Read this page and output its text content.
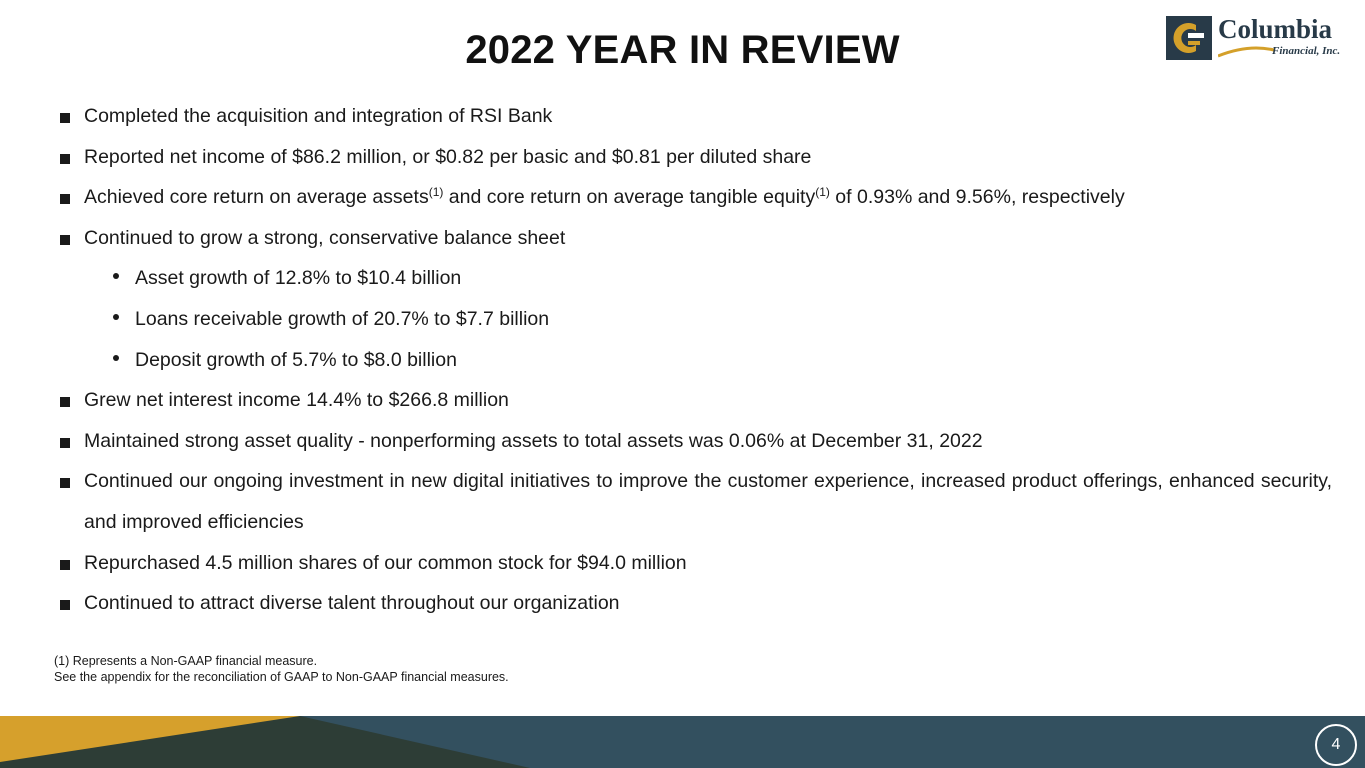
2022 YEAR IN REVIEW	Columbia
Financial, Inc.
Completed the acquisition and integration of RSI Bank
Reported net income of $86.2 million, or $0.82 per basic and $0.81 per diluted share
Achieved core return on average assets$^{(1)}$ and core return on average tangible equity$^{(1)}$ of 0.93% and 9.56%, respectively
Continued to grow a strong, conservative balance sheet
Asset growth of 12.8% to $10.4 billion
Loans receivable growth of 20.7% to $7.7 billion
Deposit growth of 5.7% to $8.0 billion
Grew net interest income 14.4% to $266.8 million
Maintained strong asset quality - nonperforming assets to total assets was 0.06% at December 31, 2022
Continued our ongoing investment in new digital initiatives to improve the customer experience, increased product offerings, enhanced security, and improved efficiencies
Repurchased 4.5 million shares of our common stock for $94.0 million
Continued to attract diverse talent throughout our organization
(1) Represents a Non-GAAP financial measure.
See the appendix for the reconciliation of GAAP to Non-GAAP financial measures.
4
